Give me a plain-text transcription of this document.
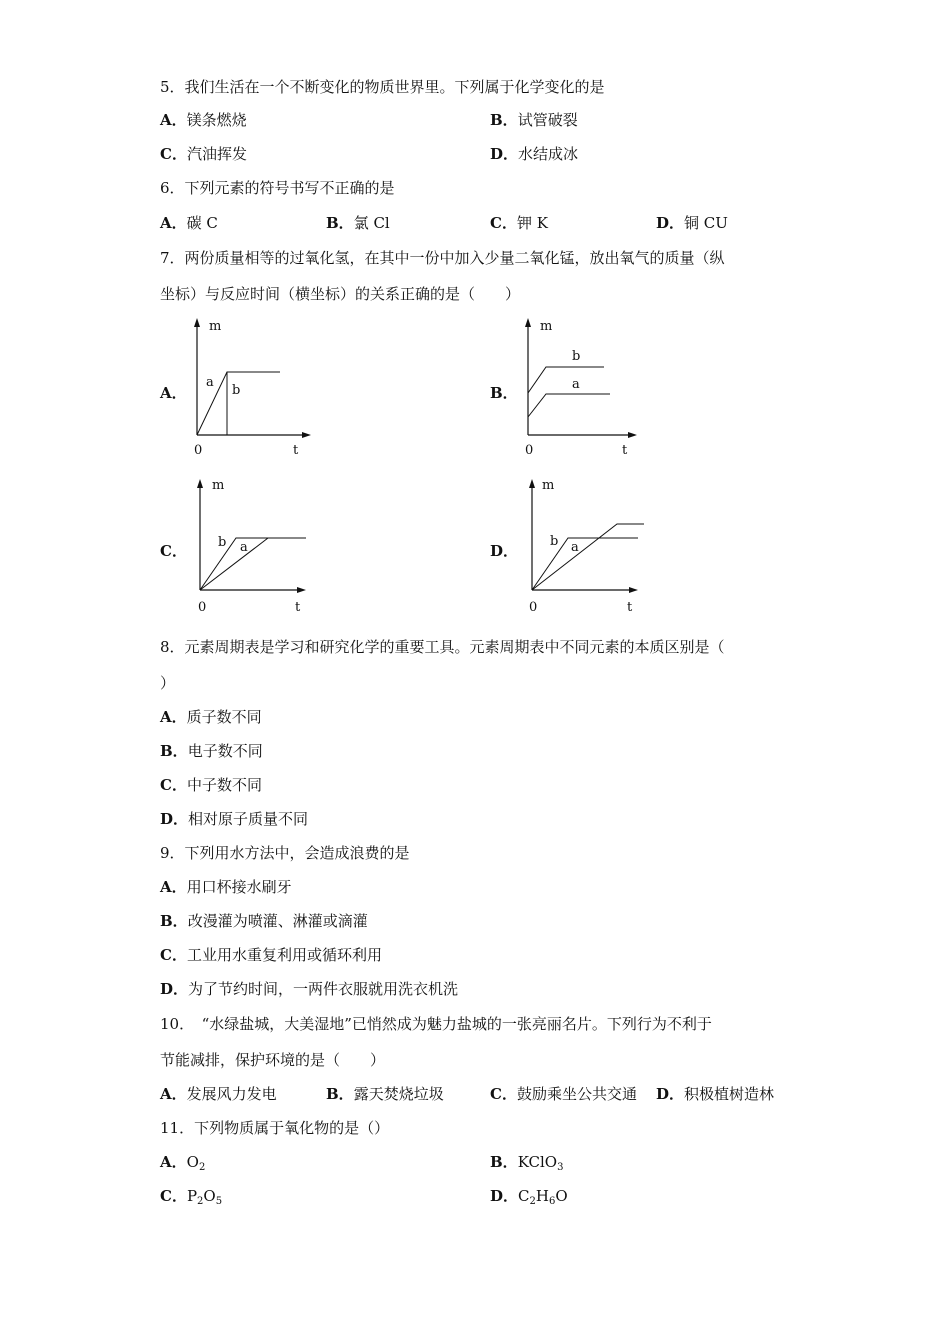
5．我们生活在一个不断变化的物质世界里。下列属于化学变化的是
A．镁条燃烧	B．试管破裂
C．汽油挥发	D．水结成冰
6．下列元素的符号书写不正确的是
A．碳 C	B．氯 Cl	C．钾 K	D．铜 CU
7．两份质量相等的过氧化氢，在其中一份中加入少量二氧化锰，放出氧气的质量（纵
坐标）与反应时间（横坐标）的关系正确的是（　　）
A．
m
t
0
a
b	B．
m
t
0
b
a
C．
m
t
0
b a	D．
m
t
0
b a
8．元素周期表是学习和研究化学的重要工具。元素周期表中不同元素的本质区别是（
）
A．质子数不同
B．电子数不同
C．中子数不同
D．相对原子质量不同
9．下列用水方法中，会造成浪费的是
A．用口杯接水刷牙
B．改漫灌为喷灌、淋灌或滴灌
C．工业用水重复利用或循环利用
D．为了节约时间，一两件衣服就用洗衣机洗
10．　“水绿盐城，大美湿地”已悄然成为魅力盐城的一张亮丽名片。下列行为不利于
节能减排，保护环境的是（　　）
A．发展风力发电	B．露天焚烧垃圾	C．鼓励乘坐公共交通 D．积极植树造林
11．下列物质属于氧化物的是（）
A．$O_2$	B．KClO$_3$
C．$P_2O_5$	D．$C_2H_6O$
